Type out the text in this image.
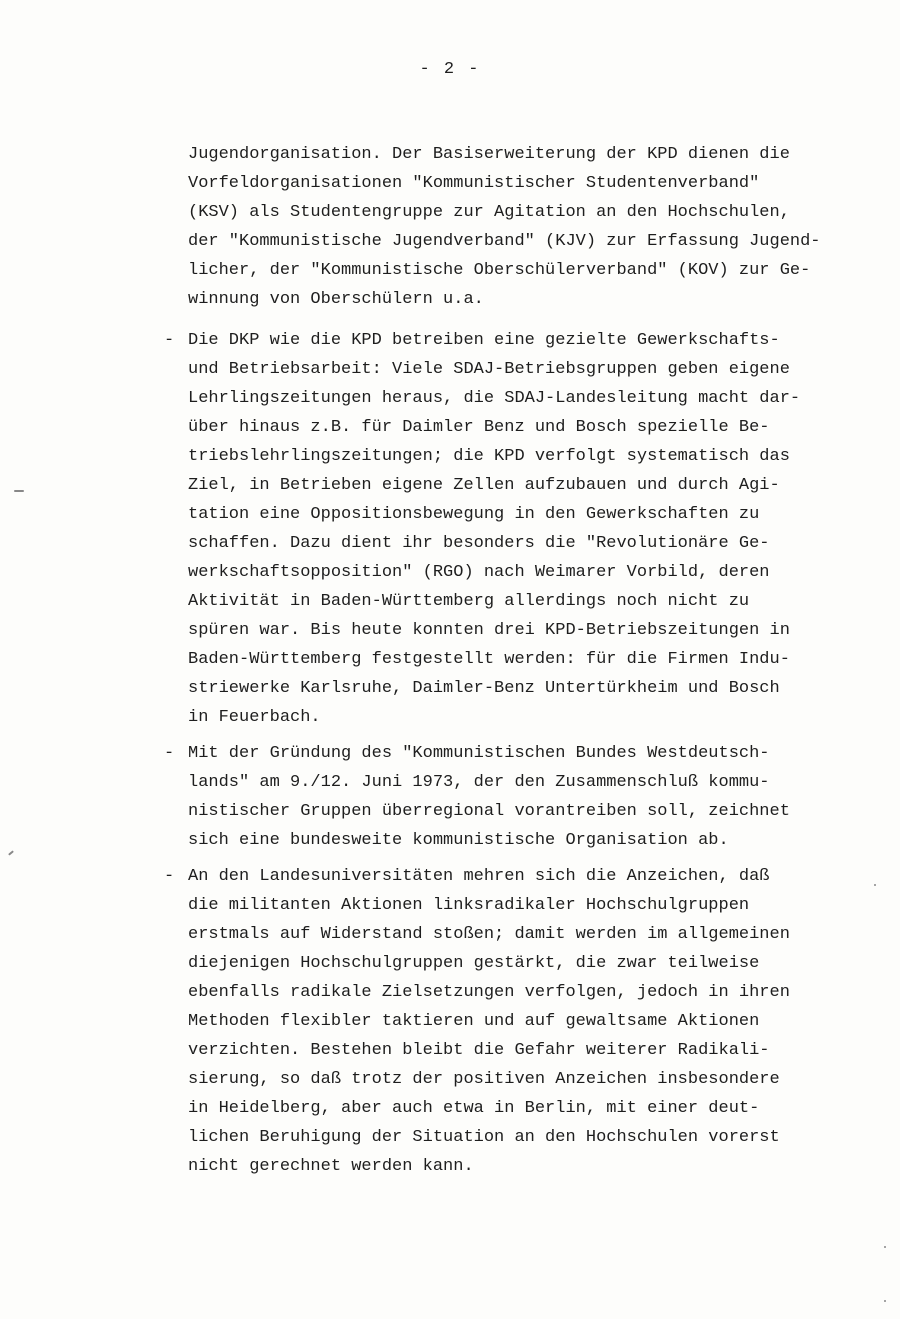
- 2 -
Jugendorganisation. Der Basiserweiterung der KPD dienen die
Vorfeldorganisationen "Kommunistischer Studentenverband"
(KSV) als Studentengruppe zur Agitation an den Hochschulen,
der "Kommunistische Jugendverband" (KJV) zur Erfassung Jugend-
licher, der "Kommunistische Oberschülerverband" (KOV) zur Ge-
winnung von Oberschülern u.a.
- Die DKP wie die KPD betreiben eine gezielte Gewerkschafts-
und Betriebsarbeit: Viele SDAJ-Betriebsgruppen geben eigene
Lehrlingszeitungen heraus, die SDAJ-Landesleitung macht dar-
über hinaus z.B. für Daimler Benz und Bosch spezielle Be-
triebslehrlingszeitungen; die KPD verfolgt systematisch das
Ziel, in Betrieben eigene Zellen aufzubauen und durch Agi-
tation eine Oppositionsbewegung in den Gewerkschaften zu
schaffen. Dazu dient ihr besonders die "Revolutionäre Ge-
werkschaftsopposition" (RGO) nach Weimarer Vorbild, deren
Aktivität in Baden-Württemberg allerdings noch nicht zu
spüren war. Bis heute konnten drei KPD-Betriebszeitungen in
Baden-Württemberg festgestellt werden: für die Firmen Indu-
striewerke Karlsruhe, Daimler-Benz Untertürkheim und Bosch
in Feuerbach.
- Mit der Gründung des "Kommunistischen Bundes Westdeutsch-
lands" am 9./12. Juni 1973, der den Zusammenschluß kommu-
nistischer Gruppen überregional vorantreiben soll, zeichnet
sich eine bundesweite kommunistische Organisation ab.
- An den Landesuniversitäten mehren sich die Anzeichen, daß
die militanten Aktionen linksradikaler Hochschulgruppen
erstmals auf Widerstand stoßen; damit werden im allgemeinen
diejenigen Hochschulgruppen gestärkt, die zwar teilweise
ebenfalls radikale Zielsetzungen verfolgen, jedoch in ihren
Methoden flexibler taktieren und auf gewaltsame Aktionen
verzichten. Bestehen bleibt die Gefahr weiterer Radikali-
sierung, so daß trotz der positiven Anzeichen insbesondere
in Heidelberg, aber auch etwa in Berlin, mit einer deut-
lichen Beruhigung der Situation an den Hochschulen vorerst
nicht gerechnet werden kann.
